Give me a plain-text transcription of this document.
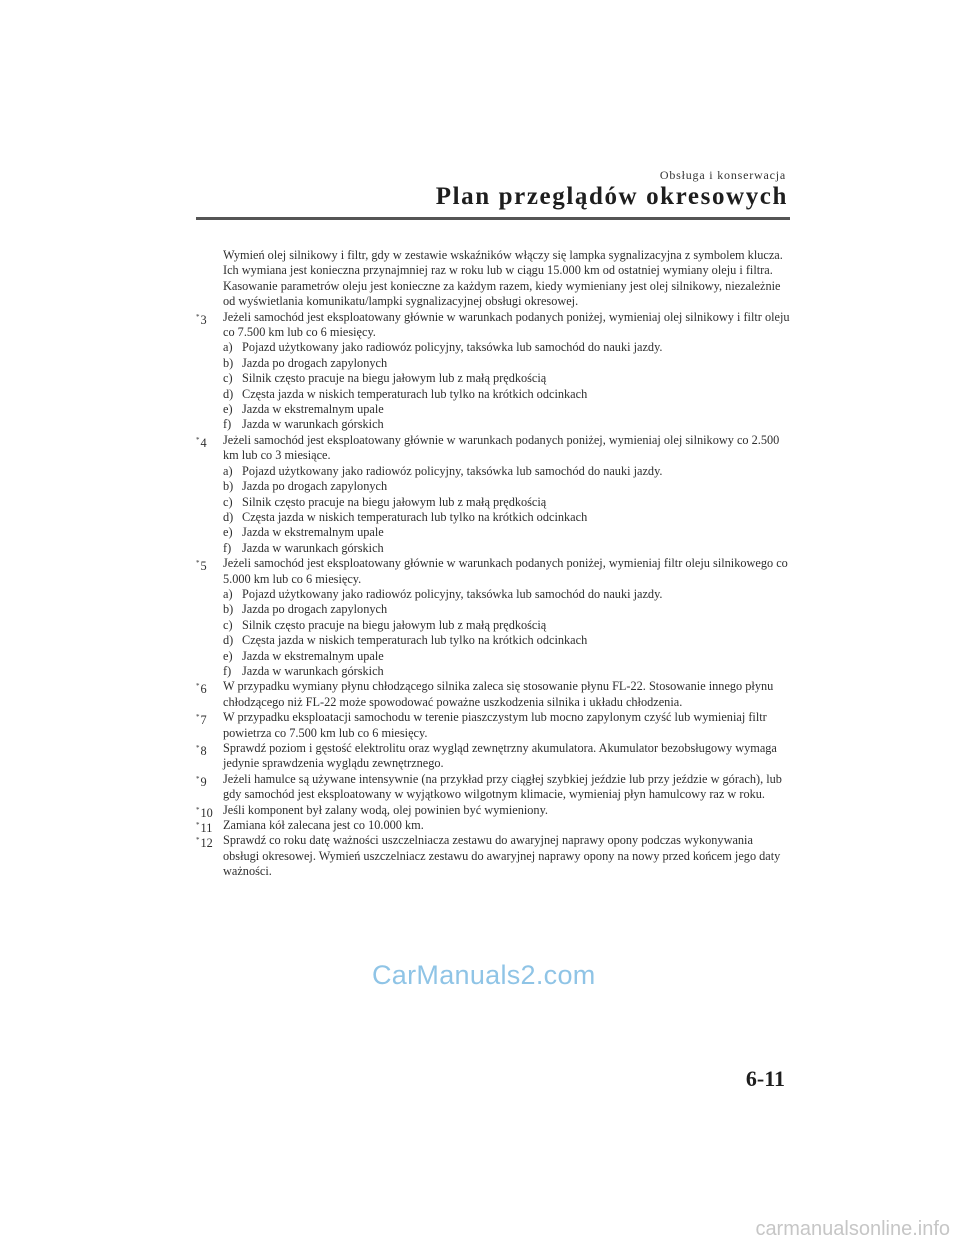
Obsługa i konserwacja
Plan przeglądów okresowych
Wymień olej silnikowy i filtr, gdy w zestawie wskaźników włączy się lampka sygnalizacyjna z symbolem klucza. Ich wymiana jest konieczna przynajmniej raz w roku lub w ciągu 15.000 km od ostatniej wymiany oleju i filtra.
Kasowanie parametrów oleju jest konieczne za każdym razem, kiedy wymieniany jest olej silnikowy, niezależnie od wyświetlania komunikatu/lampki sygnalizacyjnej obsługi okresowej.
*3 Jeżeli samochód jest eksploatowany głównie w warunkach podanych poniżej, wymieniaj olej silnikowy i filtr oleju co 7.500 km lub co 6 miesięcy.
a) Pojazd użytkowany jako radiowóz policyjny, taksówka lub samochód do nauki jazdy.
b) Jazda po drogach zapylonych
c) Silnik często pracuje na biegu jałowym lub z małą prędkością
d) Częsta jazda w niskich temperaturach lub tylko na krótkich odcinkach
e) Jazda w ekstremalnym upale
f) Jazda w warunkach górskich
*4 Jeżeli samochód jest eksploatowany głównie w warunkach podanych poniżej, wymieniaj olej silnikowy co 2.500 km lub co 3 miesiące.
a) Pojazd użytkowany jako radiowóz policyjny, taksówka lub samochód do nauki jazdy.
b) Jazda po drogach zapylonych
c) Silnik często pracuje na biegu jałowym lub z małą prędkością
d) Częsta jazda w niskich temperaturach lub tylko na krótkich odcinkach
e) Jazda w ekstremalnym upale
f) Jazda w warunkach górskich
*5 Jeżeli samochód jest eksploatowany głównie w warunkach podanych poniżej, wymieniaj filtr oleju silnikowego co 5.000 km lub co 6 miesięcy.
a) Pojazd użytkowany jako radiowóz policyjny, taksówka lub samochód do nauki jazdy.
b) Jazda po drogach zapylonych
c) Silnik często pracuje na biegu jałowym lub z małą prędkością
d) Częsta jazda w niskich temperaturach lub tylko na krótkich odcinkach
e) Jazda w ekstremalnym upale
f) Jazda w warunkach górskich
*6 W przypadku wymiany płynu chłodzącego silnika zaleca się stosowanie płynu FL-22. Stosowanie innego płynu chłodzącego niż FL-22 może spowodować poważne uszkodzenia silnika i układu chłodzenia.
*7 W przypadku eksploatacji samochodu w terenie piaszczystym lub mocno zapylonym czyść lub wymieniaj filtr powietrza co 7.500 km lub co 6 miesięcy.
*8 Sprawdź poziom i gęstość elektrolitu oraz wygląd zewnętrzny akumulatora. Akumulator bezobsługowy wymaga jedynie sprawdzenia wyglądu zewnętrznego.
*9 Jeżeli hamulce są używane intensywnie (na przykład przy ciągłej szybkiej jeździe lub przy jeździe w górach), lub gdy samochód jest eksploatowany w wyjątkowo wilgotnym klimacie, wymieniaj płyn hamulcowy raz w roku.
*10 Jeśli komponent był zalany wodą, olej powinien być wymieniony.
*11 Zamiana kół zalecana jest co 10.000 km.
*12 Sprawdź co roku datę ważności uszczelniacza zestawu do awaryjnej naprawy opony podczas wykonywania obsługi okresowej. Wymień uszczelniacz zestawu do awaryjnej naprawy opony na nowy przed końcem jego daty ważności.
CarManuals2.com
6-11
carmanualsonline.info
